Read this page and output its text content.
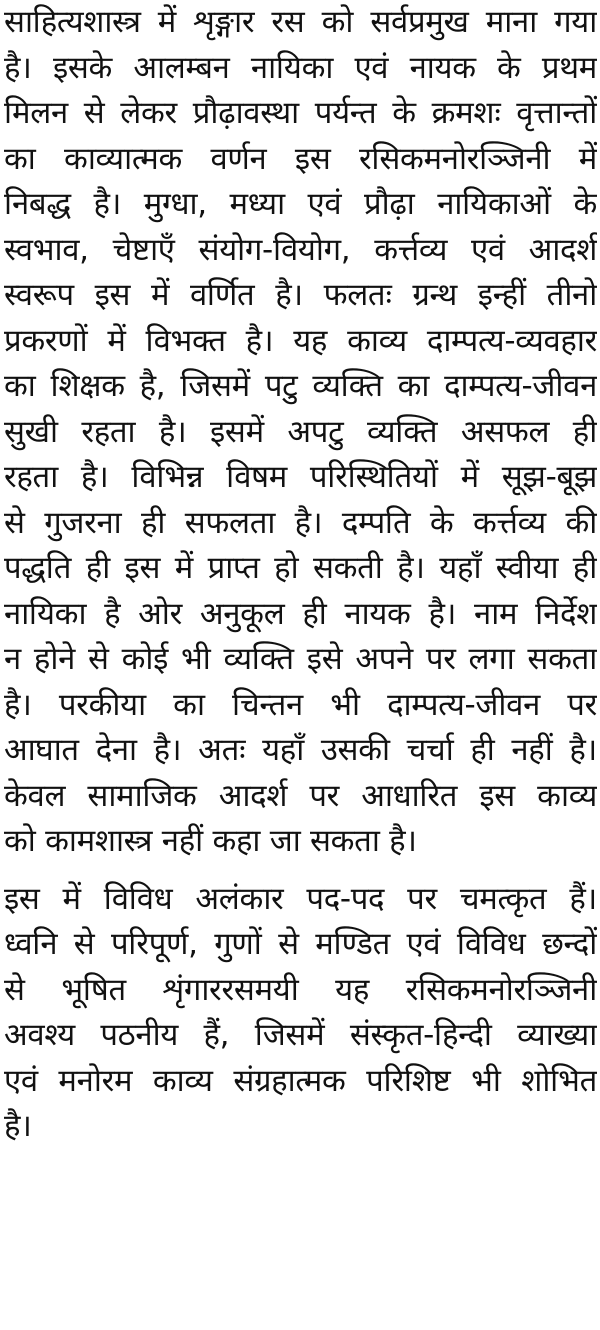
साहित्यशास्त्र में शृङ्गार रस को सर्वप्रमुख माना गया
है। इसके आलम्बन नायिका एवं नायक के प्रथम
मिलन से लेकर प्रौढ़ावस्था पर्यन्त के क्रमशः वृत्तान्तों
का काव्यात्मक वर्णन इस रसिकमनोरञ्जिनी में
निबद्ध है। मुग्धा, मध्या एवं प्रौढ़ा नायिकाओं के
स्वभाव, चेष्टाएँ संयोग-वियोग, कर्त्तव्य एवं आदर्श
स्वरूप इस में वर्णित है। फलतः ग्रन्थ इन्हीं तीनो
प्रकरणों में विभक्त है। यह काव्य दाम्पत्य-व्यवहार
का शिक्षक है, जिसमें पटु व्यक्ति का दाम्पत्य-जीवन
सुखी रहता है। इसमें अपटु व्यक्ति असफल ही
रहता है। विभिन्न विषम परिस्थितियों में सूझ-बूझ
से गुजरना ही सफलता है। दम्पति के कर्त्तव्य की
पद्धति ही इस में प्राप्त हो सकती है। यहाँ स्वीया ही
नायिका है ओर अनुकूल ही नायक है। नाम निर्देश
न होने से कोई भी व्यक्ति इसे अपने पर लगा सकता
है। परकीया का चिन्तन भी दाम्पत्य-जीवन पर
आघात देना है। अतः यहाँ उसकी चर्चा ही नहीं है।
केवल सामाजिक आदर्श पर आधारित इस काव्य
को कामशास्त्र नहीं कहा जा सकता है।
इस में विविध अलंकार पद-पद पर चमत्कृत हैं।
ध्वनि से परिपूर्ण, गुणों से मण्डित एवं विविध छन्दों
से भूषित शृंगाररसमयी यह रसिकमनोरञ्जिनी
अवश्य पठनीय हैं, जिसमें संस्कृत-हिन्दी व्याख्या
एवं मनोरम काव्य संग्रहात्मक परिशिष्ट भी शोभित
है।
